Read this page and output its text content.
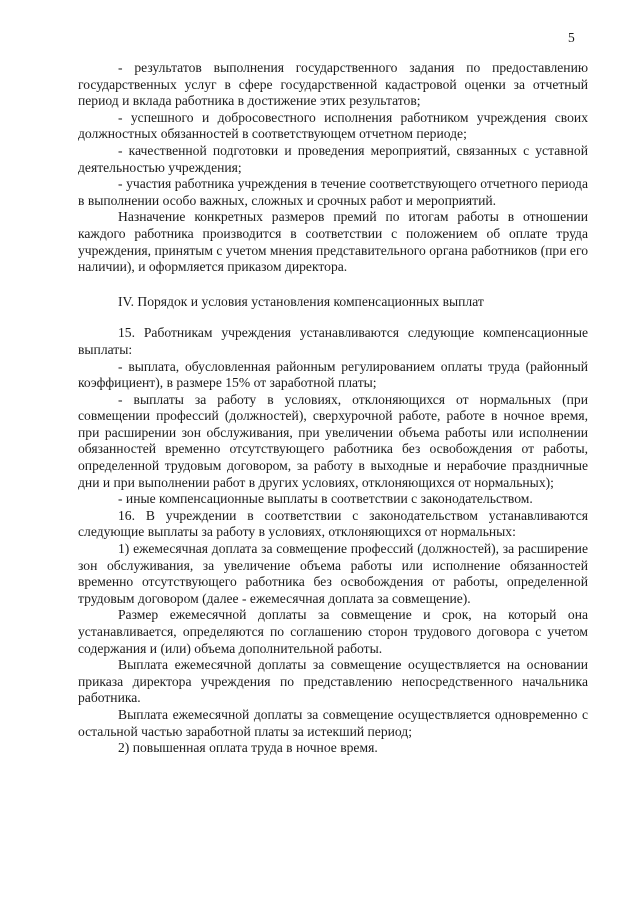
5

- результатов выполнения государственного задания по предоставлению государственных услуг в сфере государственной кадастровой оценки за отчетный период и вклада работника в достижение этих результатов;

- успешного и добросовестного исполнения работником учреждения своих должностных обязанностей в соответствующем отчетном периоде;

- качественной подготовки и проведения мероприятий, связанных с уставной деятельностью учреждения;

- участия работника учреждения в течение соответствующего отчетного периода в выполнении особо важных, сложных и срочных работ и мероприятий.

Назначение конкретных размеров премий по итогам работы в отношении каждого работника производится в соответствии с положением об оплате труда учреждения, принятым с учетом мнения представительного органа работников (при его наличии), и оформляется приказом директора.

IV. Порядок и условия установления компенсационных выплат

15. Работникам учреждения устанавливаются следующие компенсационные выплаты:

- выплата, обусловленная районным регулированием оплаты труда (районный коэффициент), в размере 15% от заработной платы;

- выплаты за работу в условиях, отклоняющихся от нормальных (при совмещении профессий (должностей), сверхурочной работе, работе в ночное время, при расширении зон обслуживания, при увеличении объема работы или исполнении обязанностей временно отсутствующего работника без освобождения от работы, определенной трудовым договором, за работу в выходные и нерабочие праздничные дни и при выполнении работ в других условиях, отклоняющихся от нормальных);

- иные компенсационные выплаты в соответствии с законодательством.

16. В учреждении в соответствии с законодательством устанавливаются следующие выплаты за работу в условиях, отклоняющихся от нормальных:

1) ежемесячная доплата за совмещение профессий (должностей), за расширение зон обслуживания, за увеличение объема работы или исполнение обязанностей временно отсутствующего работника без освобождения от работы, определенной трудовым договором (далее - ежемесячная доплата за совмещение).

Размер ежемесячной доплаты за совмещение и срок, на который она устанавливается, определяются по соглашению сторон трудового договора с учетом содержания и (или) объема дополнительной работы.

Выплата ежемесячной доплаты за совмещение осуществляется на основании приказа директора учреждения по представлению непосредственного начальника работника.

Выплата ежемесячной доплаты за совмещение осуществляется одновременно с остальной частью заработной платы за истекший период;

2) повышенная оплата труда в ночное время.
